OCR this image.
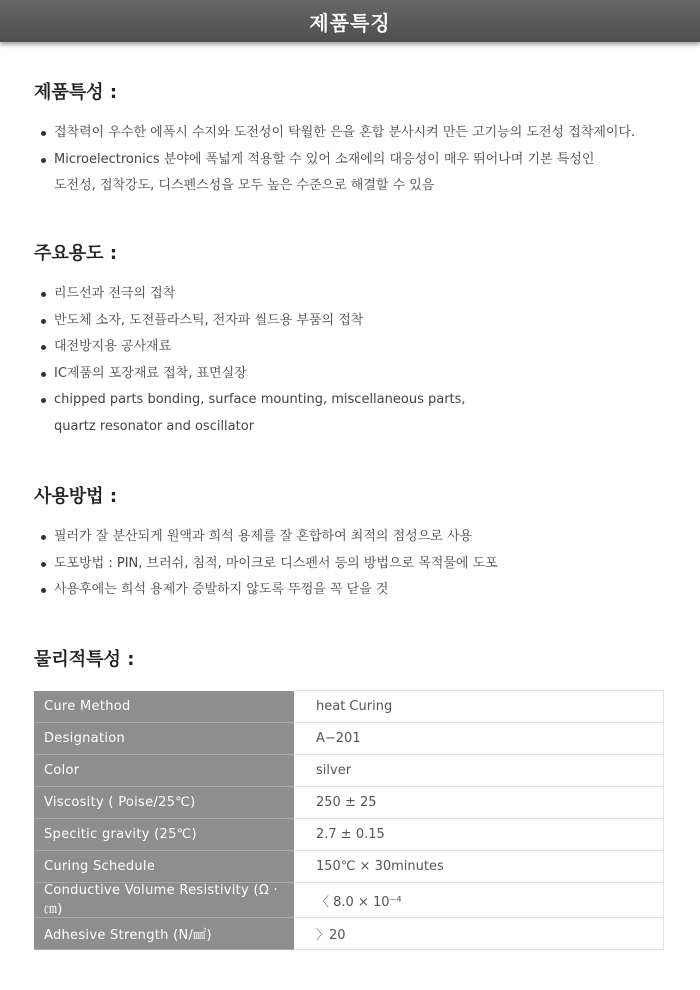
제품특징
제품특성 :
접착력이 우수한 에폭시 수지와 도전성이 탁월한 은을 혼합 분사시켜 만든 고기능의 도전성 접착제이다.
Microelectronics 분야에 폭넓게 적용할 수 있어 소재에의 대응성이 매우 뛰어나며 기본 특성인
도전성, 접착강도, 디스펜스성을 모두 높은 수준으로 해결할 수 있음
주요용도 :
리드선과 전극의 접착
반도체 소자, 도전플라스틱, 전자파 씰드용 부품의 접착
대전방지용 공사재료
IC제품의 포장재료 접착, 표면실장
chipped parts bonding, surface mounting, miscellaneous parts,
quartz resonator and oscillator
사용방법 :
필러가 잘 분산되게 원액과 희석 용제를 잘 혼합하여 최적의 점성으로 사용
도포방법 : PIN, 브러쉬, 침적, 마이크로 디스펜서 등의 방법으로 목적물에 도포
사용후에는 희석 용제가 증발하지 않도록 뚜껑을 꼭 닫을 것
물리적특성 :
Cure Method	heat Curing
Designation	A−201
Color	silver
Viscosity ( Poise/25℃)	250 ± 25
Specitic gravity (25℃)	2.7 ± 0.15
Curing Schedule	150℃ × 30minutes
Conductive Volume Resistivity (Ω · ㎝)	〈 8.0 × 10⁻⁴
Adhesive Strength (N/㎟)	〉20
